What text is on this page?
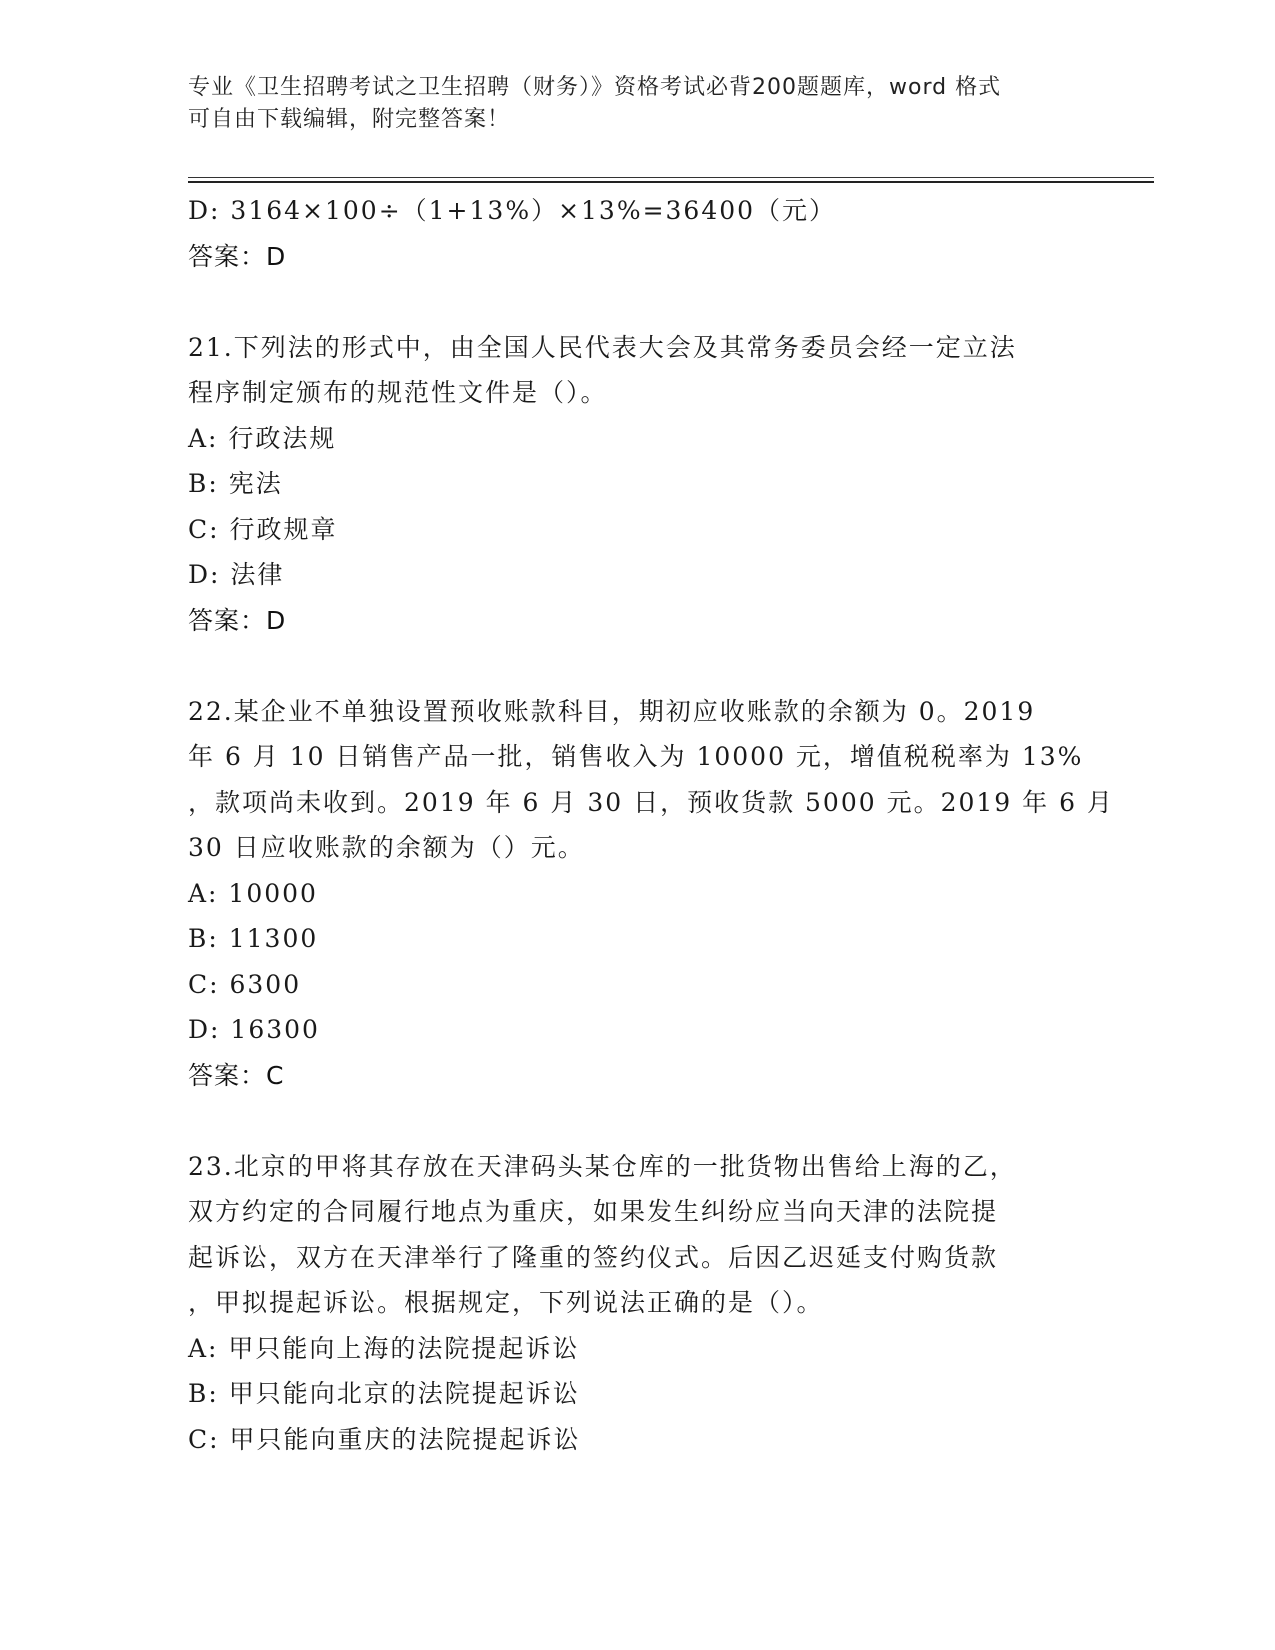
专业《卫生招聘考试之卫生招聘（财务）》资格考试必背200题题库，word 格式
可自由下载编辑，附完整答案！
D: 3164×100÷（1+13%）×13%=36400（元）
答案：D
21.下列法的形式中，由全国人民代表大会及其常务委员会经一定立法
程序制定颁布的规范性文件是（）。
A: 行政法规
B: 宪法
C: 行政规章
D: 法律
答案：D
22.某企业不单独设置预收账款科目，期初应收账款的余额为 0。2019
年 6 月 10 日销售产品一批，销售收入为 10000 元，增值税税率为 13%
，款项尚未收到。2019 年 6 月 30 日，预收货款 5000 元。2019 年 6 月
30 日应收账款的余额为（）元。
A: 10000
B: 11300
C: 6300
D: 16300
答案：C
23.北京的甲将其存放在天津码头某仓库的一批货物出售给上海的乙，
双方约定的合同履行地点为重庆，如果发生纠纷应当向天津的法院提
起诉讼，双方在天津举行了隆重的签约仪式。后因乙迟延支付购货款
，甲拟提起诉讼。根据规定，下列说法正确的是（）。
A: 甲只能向上海的法院提起诉讼
B: 甲只能向北京的法院提起诉讼
C: 甲只能向重庆的法院提起诉讼
